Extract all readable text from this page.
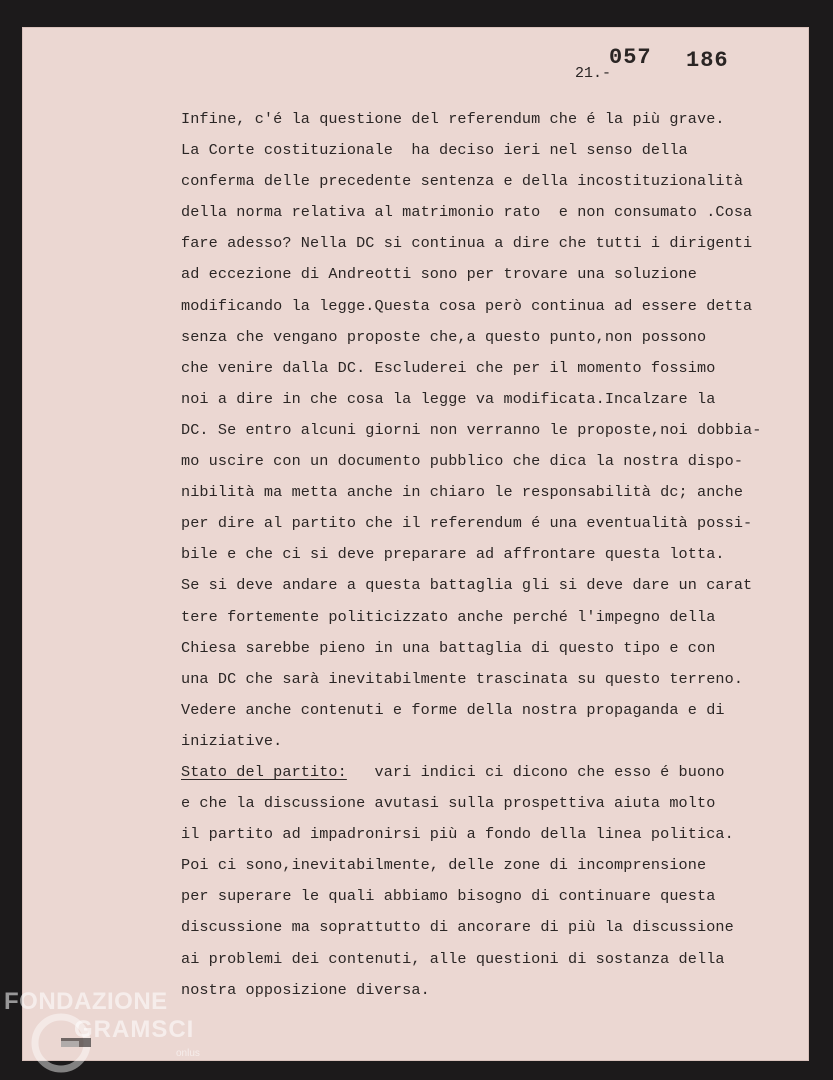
21.-
057 186
Infine, c'é la questione del referendum che é la più grave.
La Corte costituzionale  ha deciso ieri nel senso della
conferma delle precedente sentenza e della incostituzionalità
della norma relativa al matrimonio rato  e non consumato .Cosa
fare adesso? Nella DC si continua a dire che tutti i dirigenti
ad eccezione di Andreotti sono per trovare una soluzione
modificando la legge.Questa cosa però continua ad essere detta
senza che vengano proposte che,a questo punto,non possono
che venire dalla DC. Escluderei che per il momento fossimo
noi a dire in che cosa la legge va modificata.Incalzare la
DC. Se entro alcuni giorni non verranno le proposte,noi dobbia-
mo uscire con un documento pubblico che dica la nostra dispo-
nibilità ma metta anche in chiaro le responsabilità dc; anche
per dire al partito che il referendum é una eventualità possi-
bile e che ci si deve preparare ad affrontare questa lotta.
Se si deve andare a questa battaglia gli si deve dare un carat
tere fortemente politicizzato anche perché l'impegno della
Chiesa sarebbe pieno in una battaglia di questo tipo e con
una DC che sarà inevitabilmente trascinata su questo terreno.
Vedere anche contenuti e forme della nostra propaganda e di
iniziative.
Stato del partito:   vari indici ci dicono che esso é buono
e che la discussione avutasi sulla prospettiva aiuta molto
il partito ad impadronirsi più a fondo della linea politica.
Poi ci sono,inevitabilmente, delle zone di incomprensione
per superare le quali abbiamo bisogno di continuare questa
discussione ma soprattutto di ancorare di più la discussione
ai problemi dei contenuti, alle questioni di sostanza della
nostra opposizione diversa.
FONDAZIONE
GRAMSCI
onlus
